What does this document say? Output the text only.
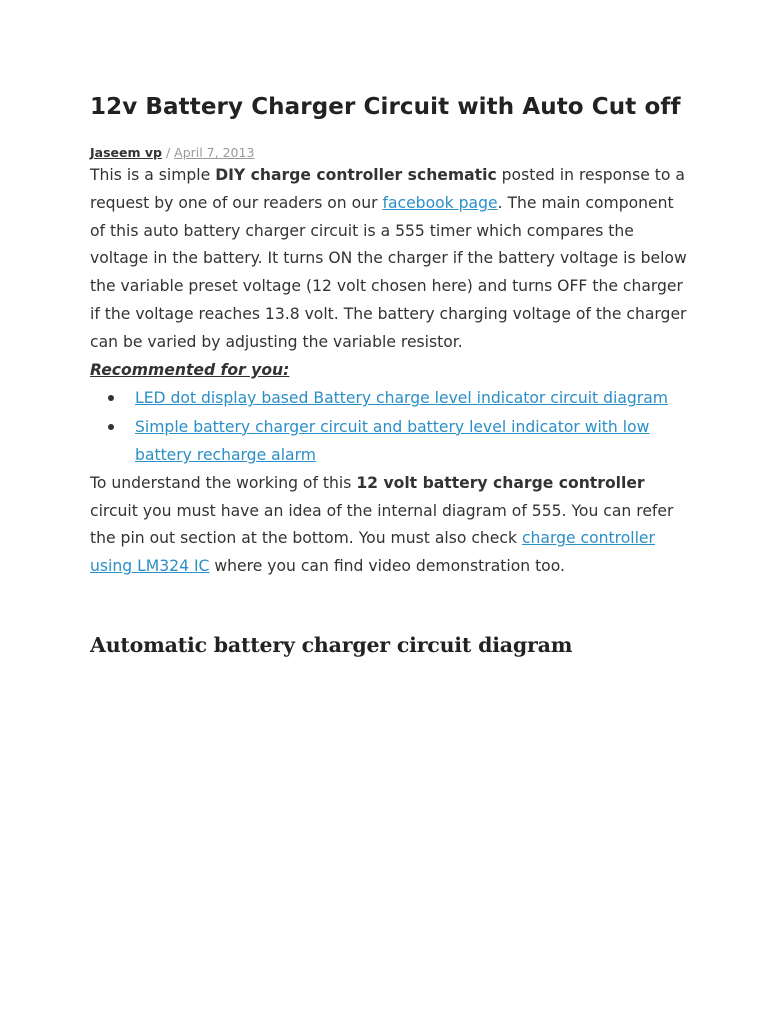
12v Battery Charger Circuit with Auto Cut off
Jaseem vp / April 7, 2013

This is a simple DIY charge controller schematic posted in response to a request by one of our readers on our facebook page. The main component of this auto battery charger circuit is a 555 timer which compares the voltage in the battery. It turns ON the charger if the battery voltage is below the variable preset voltage (12 volt chosen here) and turns OFF the charger if the voltage reaches 13.8 volt. The battery charging voltage of the charger can be varied by adjusting the variable resistor.

Recommented for you:

LED dot display based Battery charge level indicator circuit diagram
Simple battery charger circuit and battery level indicator with low battery recharge alarm

To understand the working of this 12 volt battery charge controller circuit you must have an idea of the internal diagram of 555. You can refer the pin out section at the bottom. You must also check charge controller using LM324 IC where you can find video demonstration too.

Automatic battery charger circuit diagram
